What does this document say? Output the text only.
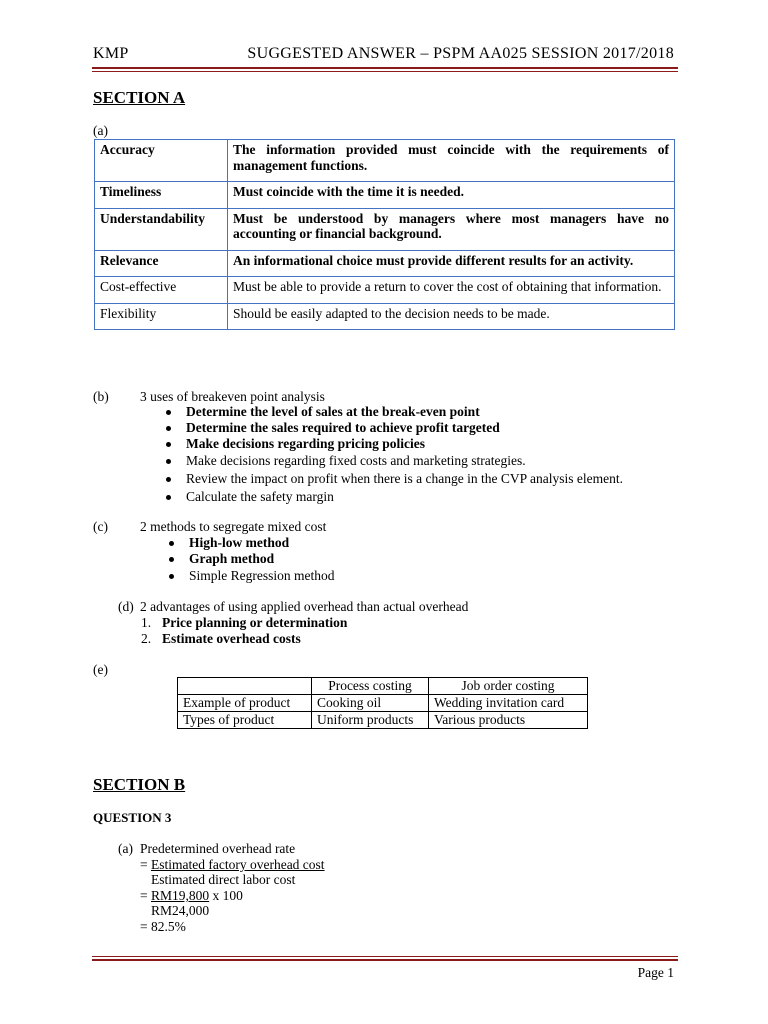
KMP	SUGGESTED ANSWER – PSPM AA025 SESSION 2017/2018
SECTION A
(a)
Accuracy	The information provided must coincide with the requirements of management functions.
Timeliness	Must coincide with the time it is needed.
Understandability	Must be understood by managers where most managers have no accounting or financial background.
Relevance	An informational choice must provide different results for an activity.
Cost-effective	Must be able to provide a return to cover the cost of obtaining that information.
Flexibility	Should be easily adapted to the decision needs to be made.
(b) 3 uses of breakeven point analysis
Determine the level of sales at the break-even point
Determine the sales required to achieve profit targeted
Make decisions regarding pricing policies
Make decisions regarding fixed costs and marketing strategies.
Review the impact on profit when there is a change in the CVP analysis element.
Calculate the safety margin
(c) 2 methods to segregate mixed cost
High-low method
Graph method
Simple Regression method
(d) 2 advantages of using applied overhead than actual overhead
1. Price planning or determination
2. Estimate overhead costs
(e)
	Process costing	Job order costing
Example of product	Cooking oil	Wedding invitation card
Types of product	Uniform products	Various products
SECTION B
QUESTION 3
(a) Predetermined overhead rate
= Estimated factory overhead cost
Estimated direct labor cost
= RM19,800 x 100
RM24,000
= 82.5%
Page 1
